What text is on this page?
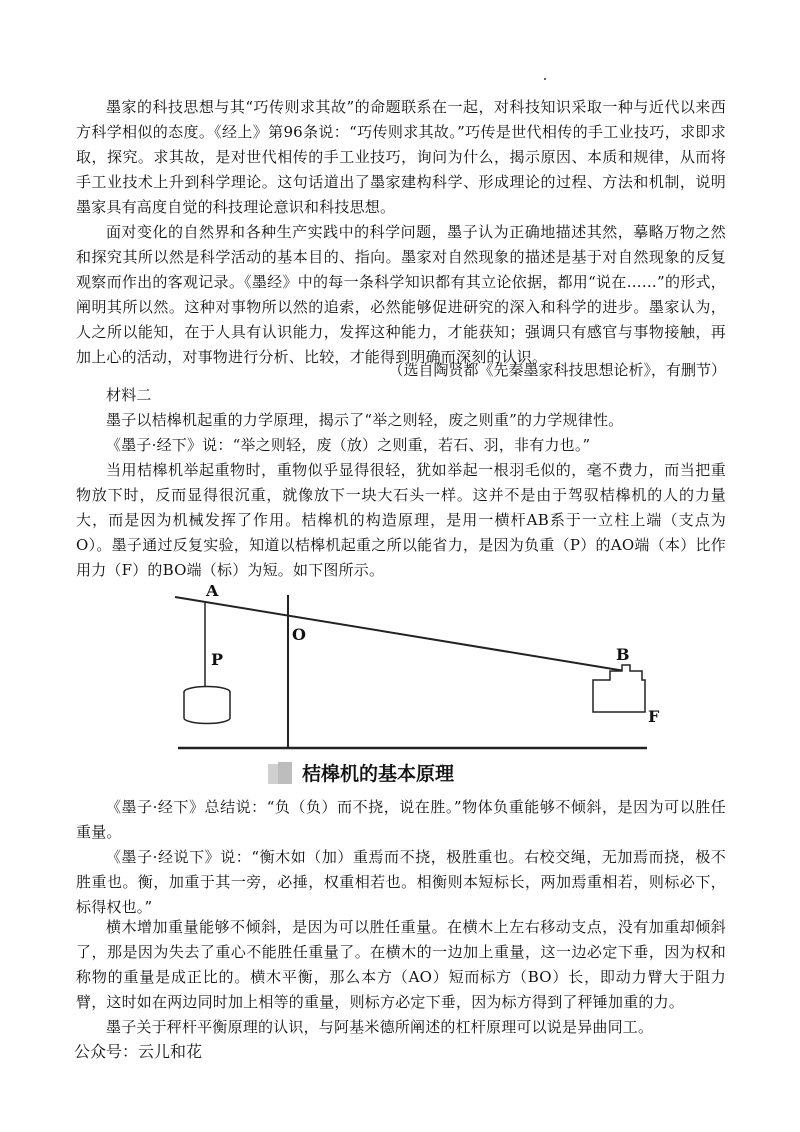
墨家的科技思想与其“巧传则求其故”的命题联系在一起，对科技知识采取一种与近代以来西方科学相似的态度。《经上》第96条说：“巧传则求其故。”巧传是世代相传的手工业技巧，求即求取，探究。求其故，是对世代相传的手工业技巧，询问为什么，揭示原因、本质和规律，从而将手工业技术上升到科学理论。这句话道出了墨家建构科学、形成理论的过程、方法和机制，说明墨家具有高度自觉的科技理论意识和科技思想。

面对变化的自然界和各种生产实践中的科学问题，墨子认为正确地描述其然，摹略万物之然和探究其所以然是科学活动的基本目的、指向。墨家对自然现象的描述是基于对自然现象的反复观察而作出的客观记录。《墨经》中的每一条科学知识都有其立论依据，都用“说在……”的形式，阐明其所以然。这种对事物所以然的追索，必然能够促进研究的深入和科学的进步。墨家认为，人之所以能知，在于人具有认识能力，发挥这种能力，才能获知；强调只有感官与事物接触，再加上心的活动，对事物进行分析、比较，才能得到明确而深刻的认识。

（选自陶贤都《先秦墨家科技思想论析》，有删节）

材料二

墨子以桔槔机起重的力学原理，揭示了“举之则轻，废之则重”的力学规律性。

《墨子·经下》说：“举之则轻，废（放）之则重，若石、羽，非有力也。”

当用桔槔机举起重物时，重物似乎显得很轻，犹如举起一根羽毛似的，毫不费力，而当把重物放下时，反而显得很沉重，就像放下一块大石头一样。这并不是由于驾驭桔槔机的人的力量大，而是因为机械发挥了作用。桔槔机的构造原理，是用一横杆AB系于一立柱上端（支点为O）。墨子通过反复实验，知道以桔槔机起重之所以能省力，是因为负重（P）的AO端（本）比作用力（F）的BO端（标）为短。如下图所示。

A
O
P	B
F
桔槔机的基本原理

《墨子·经下》总结说：“负（负）而不挠，说在胜。”物体负重能够不倾斜，是因为可以胜任重量。

《墨子·经说下》说：“衡木如（加）重焉而不挠，极胜重也。右校交绳，无加焉而挠，极不胜重也。衡，加重于其一旁，必捶，权重相若也。相衡则本短标长，两加焉重相若，则标必下，标得权也。”

横木增加重量能够不倾斜，是因为可以胜任重量。在横木上左右移动支点，没有加重却倾斜了，那是因为失去了重心不能胜任重量了。在横木的一边加上重量，这一边必定下垂，因为权和称物的重量是成正比的。横木平衡，那么本方（AO）短而标方（BO）长，即动力臂大于阻力臂，这时如在两边同时加上相等的重量，则标方必定下垂，因为标方得到了秤锤加重的力。

墨子关于秤杆平衡原理的认识，与阿基米德所阐述的杠杆原理可以说是异曲同工。

公众号：云儿和花
